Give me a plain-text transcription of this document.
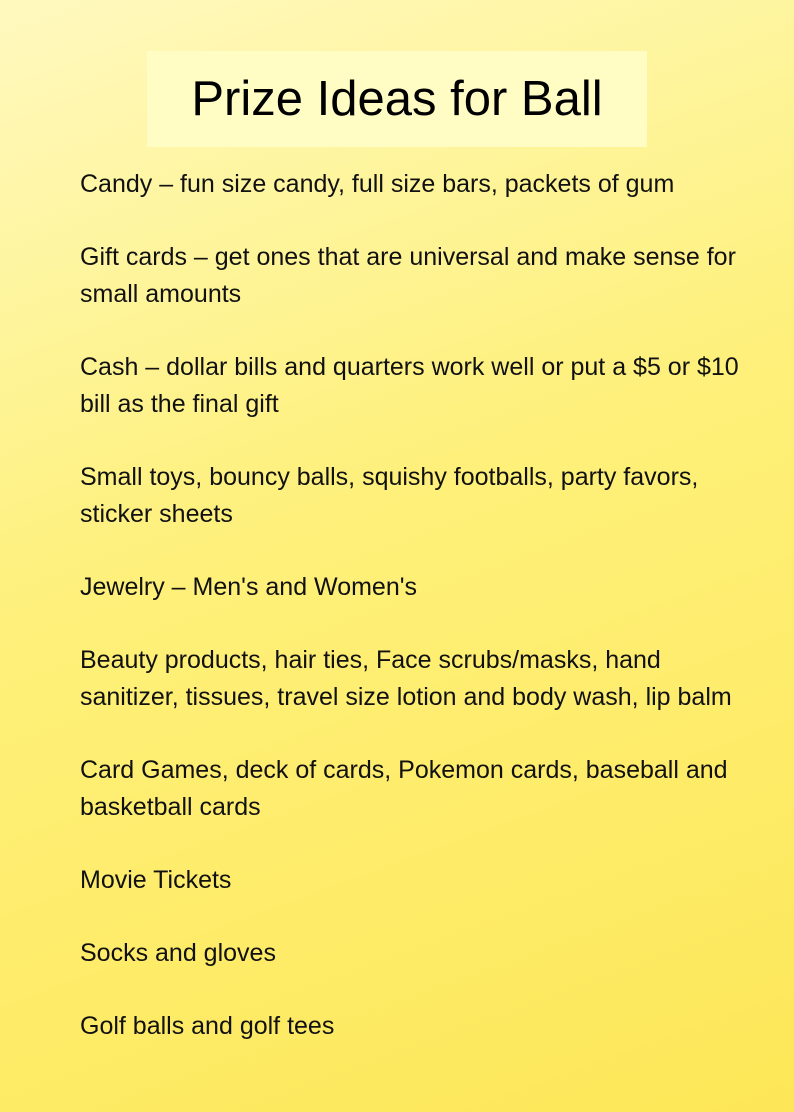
Prize Ideas for Ball
Candy – fun size candy, full size bars, packets of gum
Gift cards – get ones that are universal and make sense for small amounts
Cash – dollar bills and quarters work well or put a $5 or $10 bill as the final gift
Small toys, bouncy balls, squishy footballs, party favors, sticker sheets
Jewelry – Men's and Women's
Beauty products, hair ties, Face scrubs/masks, hand sanitizer, tissues, travel size lotion and body wash, lip balm
Card Games, deck of cards, Pokemon cards, baseball and basketball cards
Movie Tickets
Socks and gloves
Golf balls and golf tees
